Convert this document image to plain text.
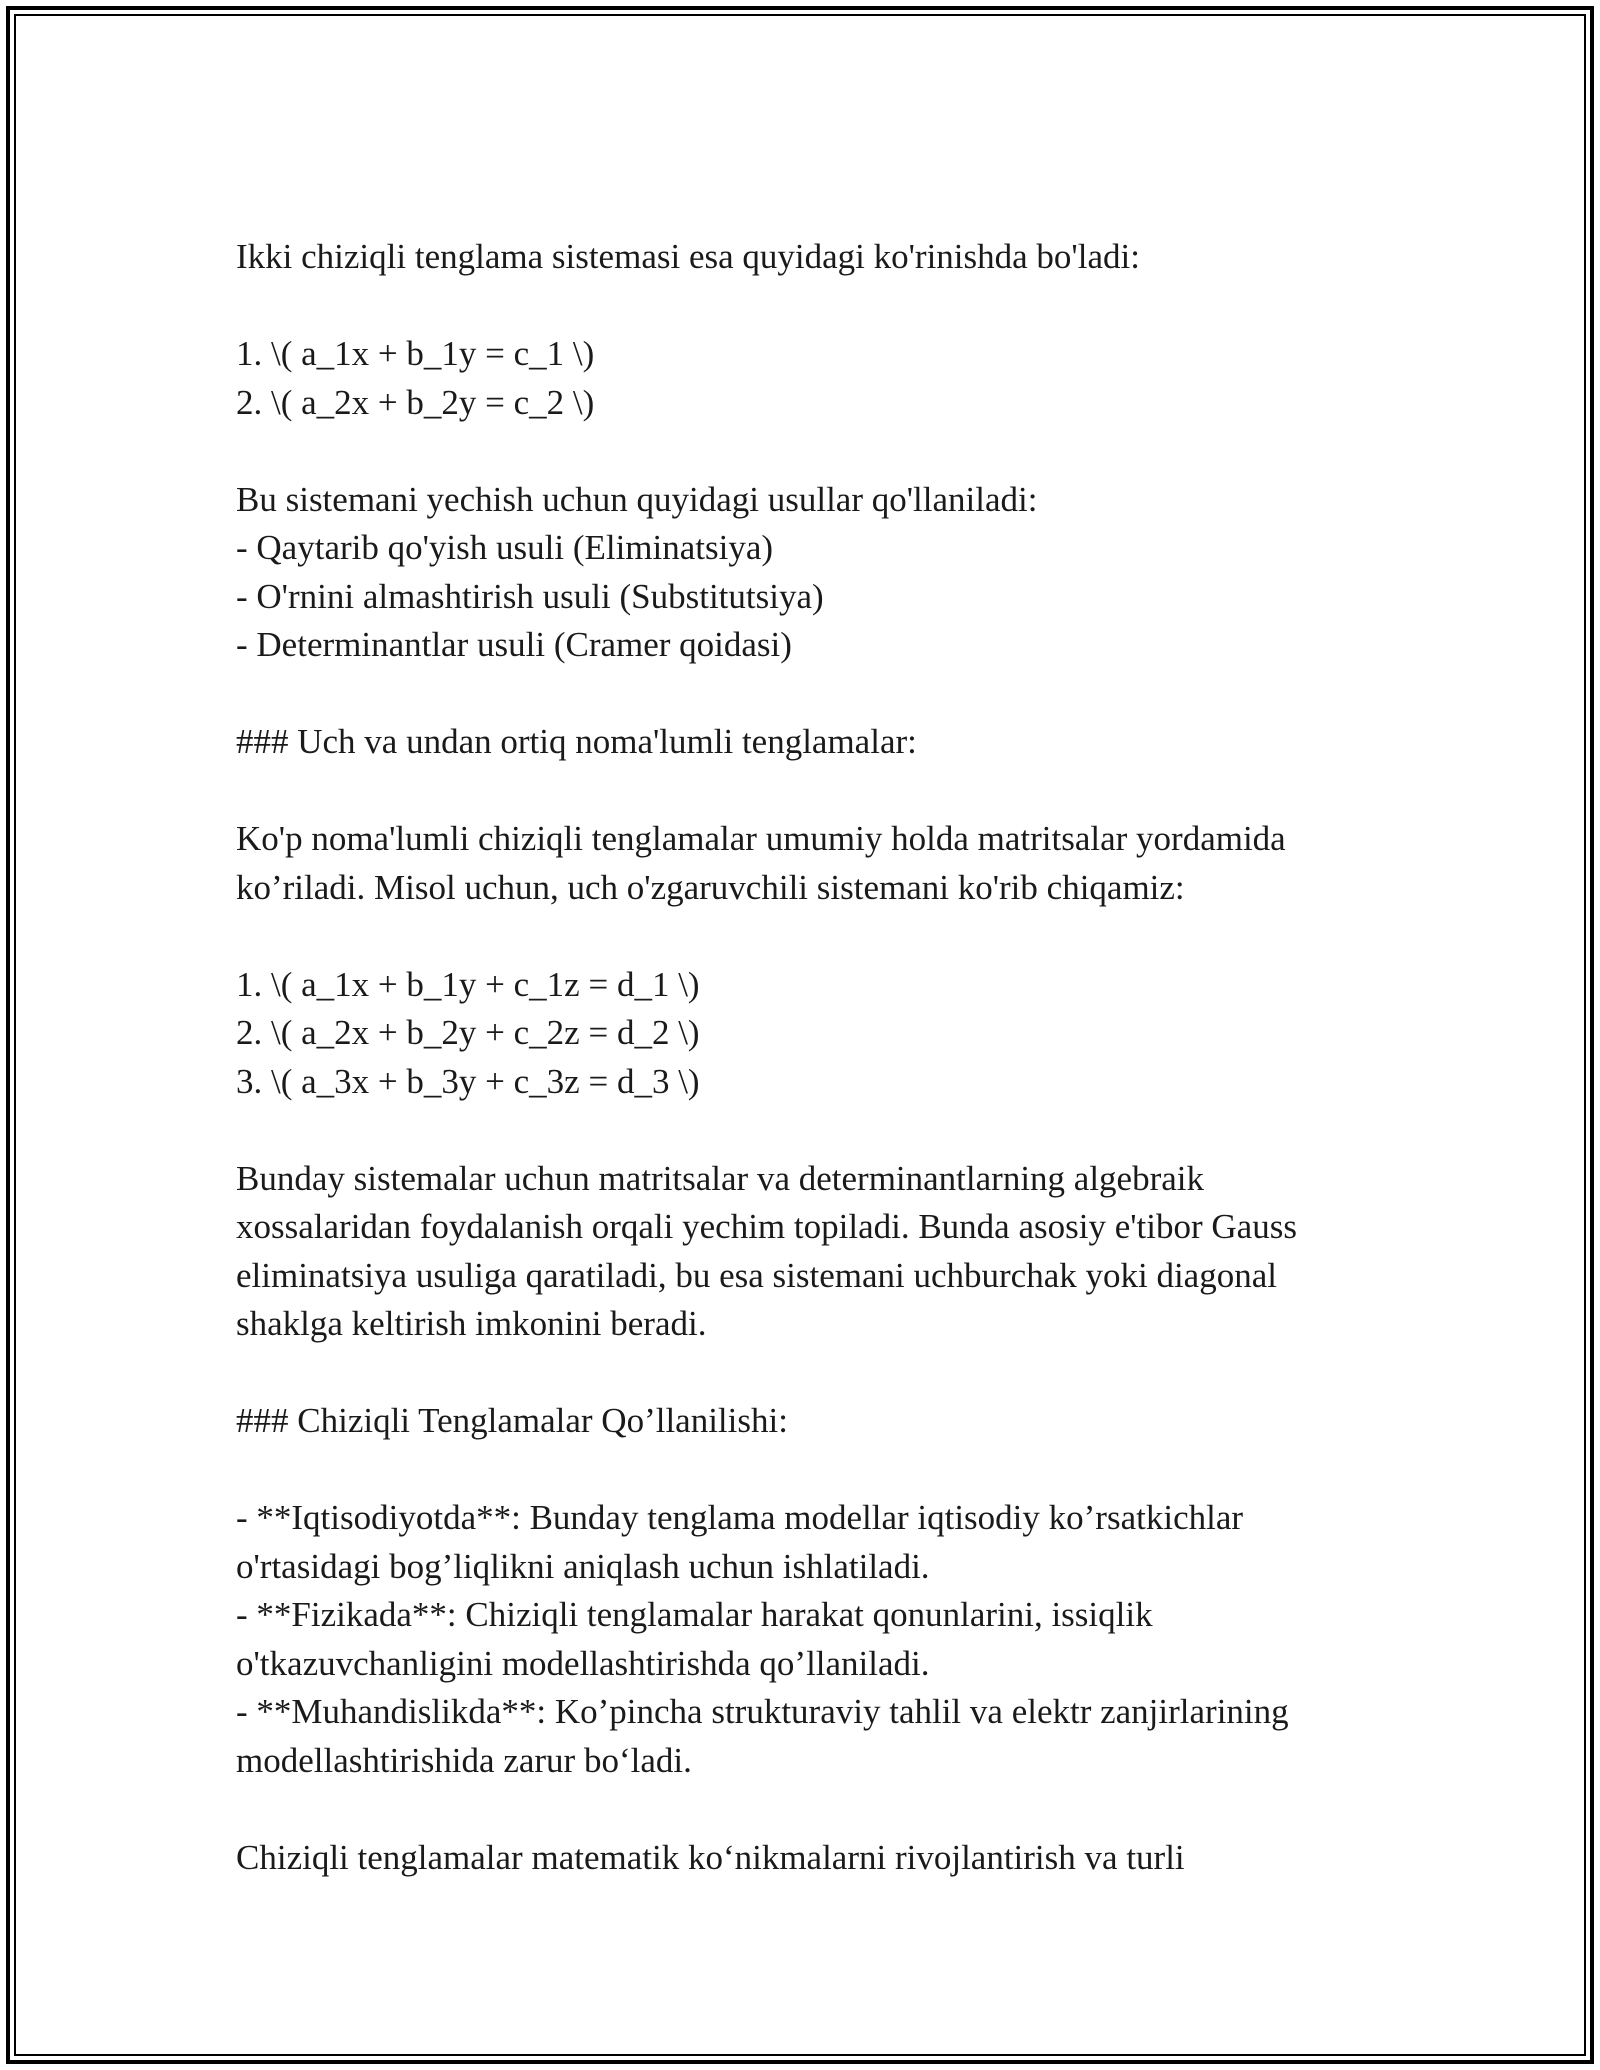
Ikki chiziqli tenglama sistemasi esa quyidagi ko'rinishda bo'ladi:
1. \( a_1x + b_1y = c_1 \)
2. \( a_2x + b_2y = c_2 \)
Bu sistemani yechish uchun quyidagi usullar qo'llaniladi:
- Qaytarib qo'yish usuli (Eliminatsiya)
- O'rnini almashtirish usuli (Substitutsiya)
- Determinantlar usuli (Cramer qoidasi)
### Uch va undan ortiq noma'lumli tenglamalar:
Ko'p noma'lumli chiziqli tenglamalar umumiy holda matritsalar yordamida
ko’riladi. Misol uchun, uch o'zgaruvchili sistemani ko'rib chiqamiz:
1. \( a_1x + b_1y + c_1z = d_1 \)
2. \( a_2x + b_2y + c_2z = d_2 \)
3. \( a_3x + b_3y + c_3z = d_3 \)
Bunday sistemalar uchun matritsalar va determinantlarning algebraik
xossalaridan foydalanish orqali yechim topiladi. Bunda asosiy e'tibor Gauss
eliminatsiya usuliga qaratiladi, bu esa sistemani uchburchak yoki diagonal
shaklga keltirish imkonini beradi.
### Chiziqli Tenglamalar Qo’llanilishi:
- **Iqtisodiyotda**: Bunday tenglama modellar iqtisodiy ko’rsatkichlar
o'rtasidagi bog’liqlikni aniqlash uchun ishlatiladi.
- **Fizikada**: Chiziqli tenglamalar harakat qonunlarini, issiqlik
o'tkazuvchanligini modellashtirishda qo’llaniladi.
- **Muhandislikda**: Ko’pincha strukturaviy tahlil va elektr zanjirlarining
modellashtirishida zarur bo‘ladi.
Chiziqli tenglamalar matematik ko‘nikmalarni rivojlantirish va turli
